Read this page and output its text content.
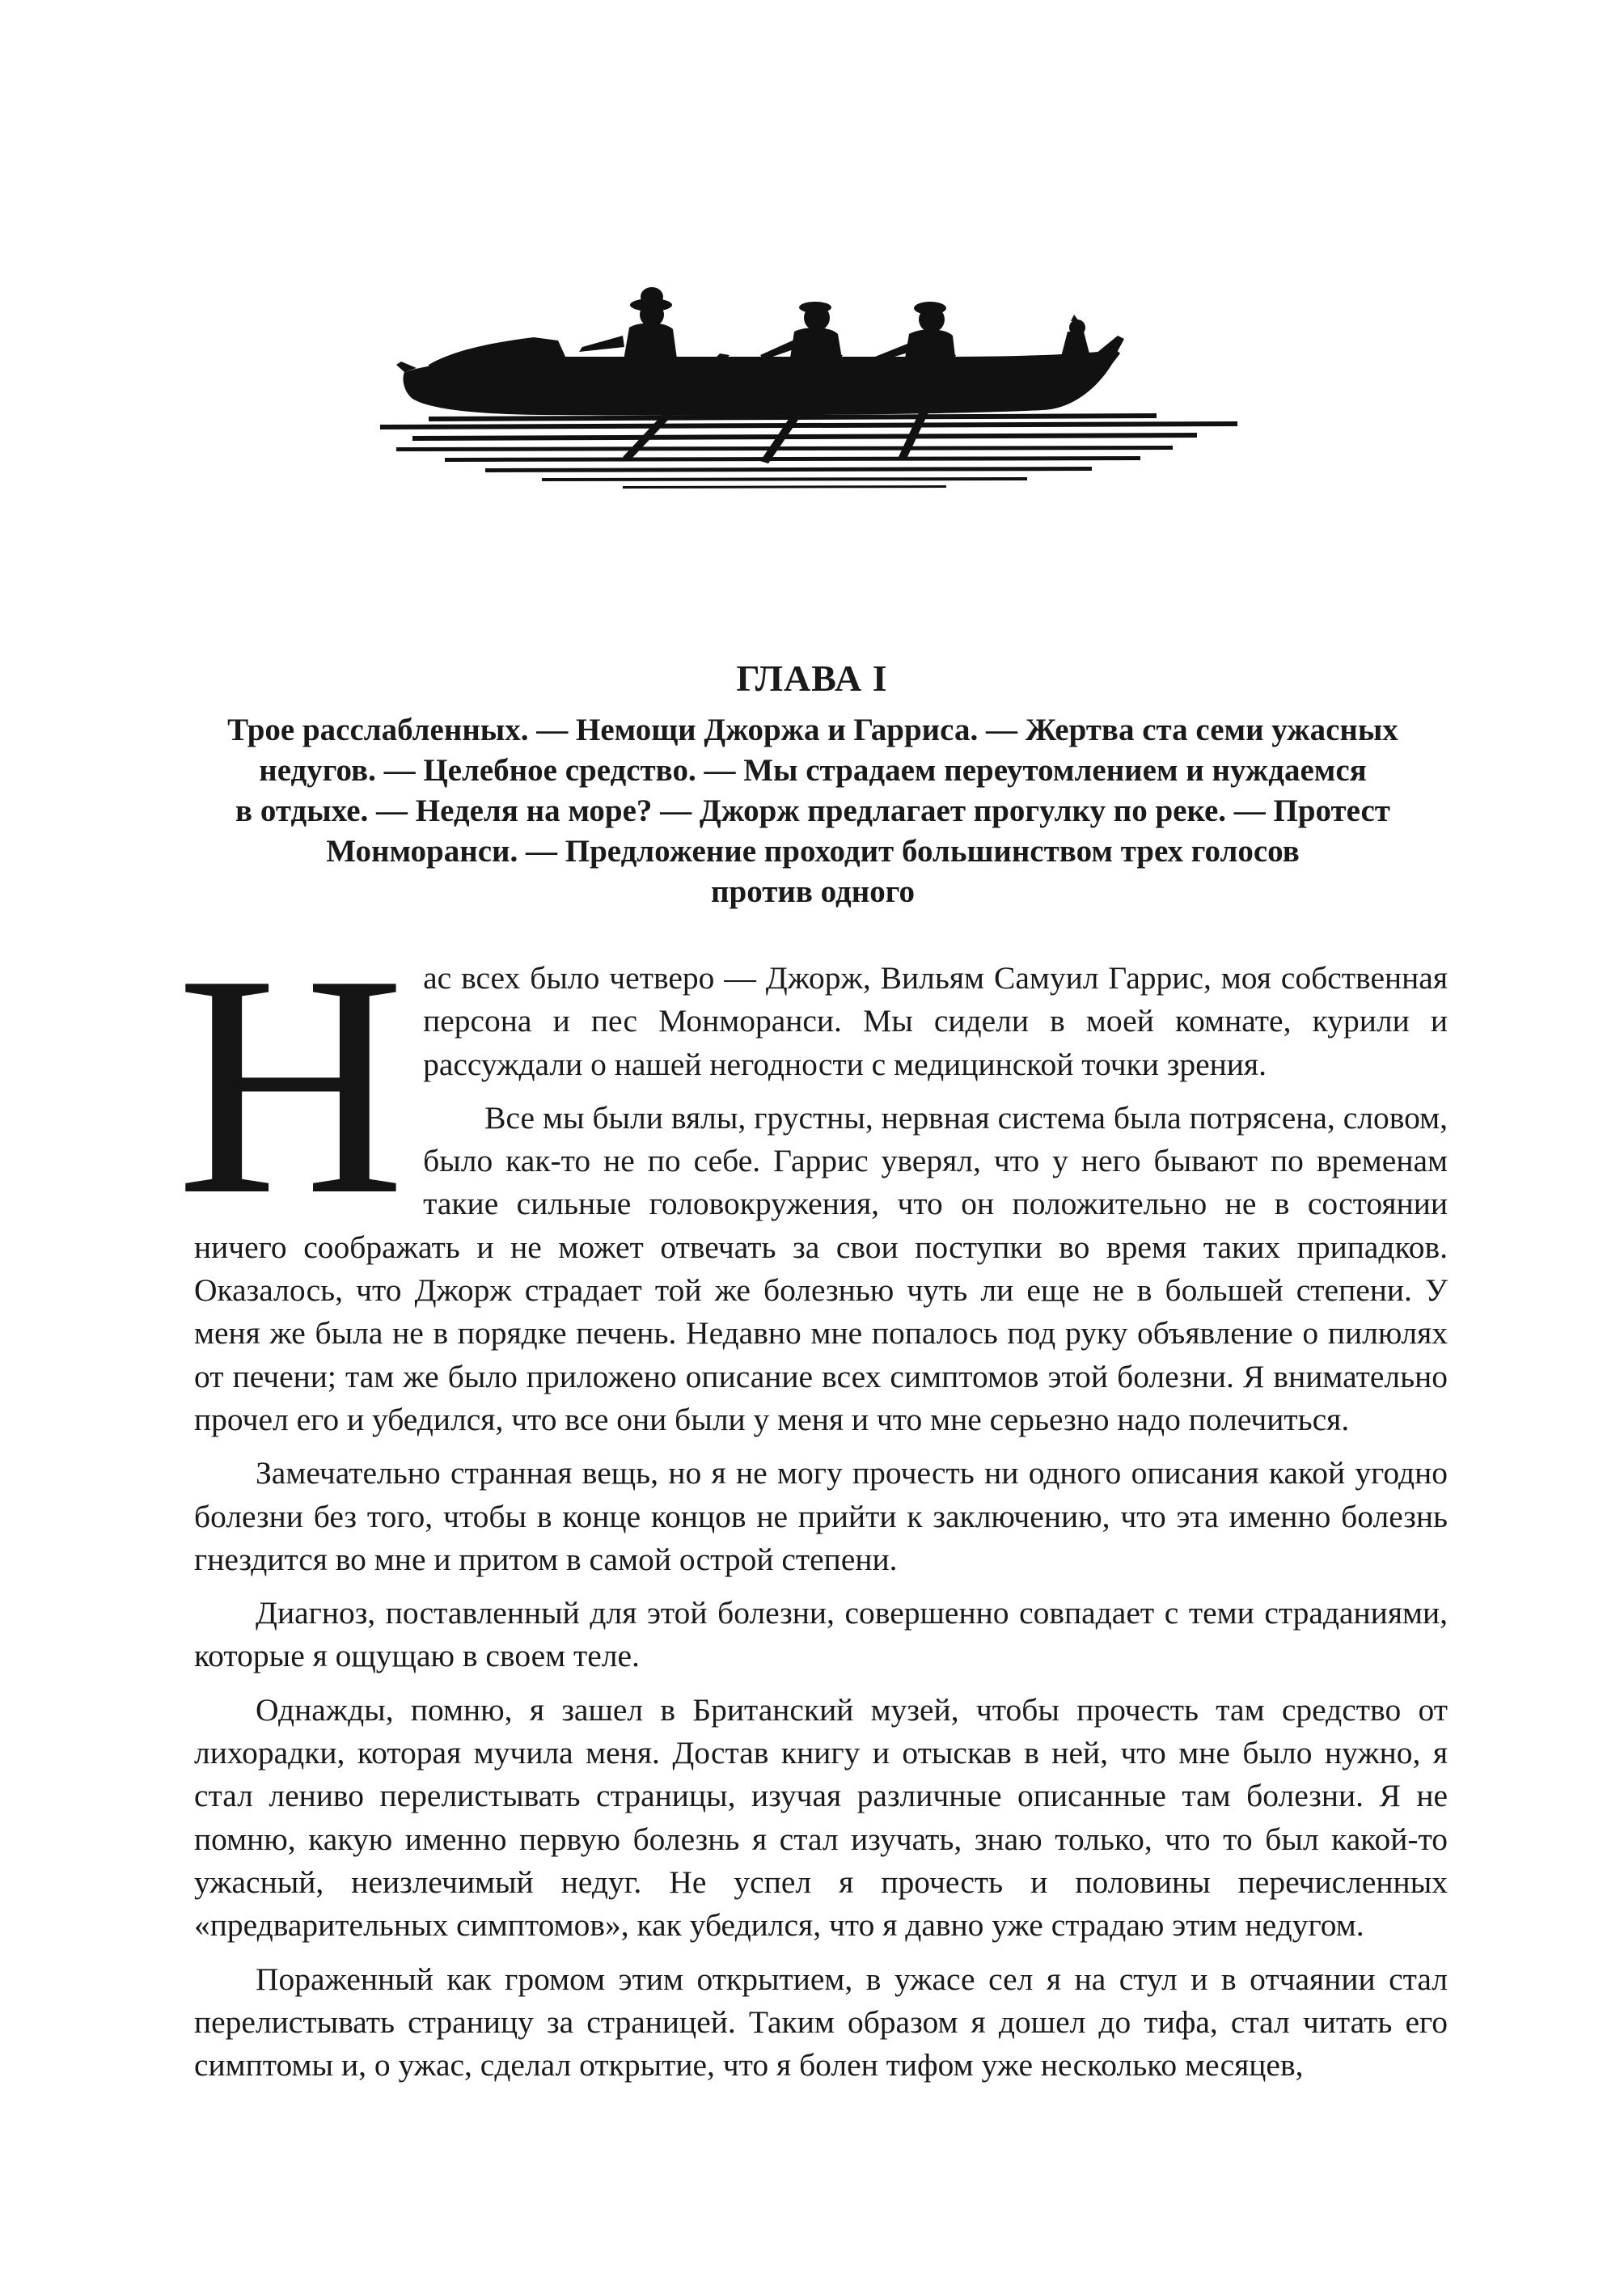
ГЛАВА I
Трое расслабленных. — Немощи Джоржа и Гарриса. — Жертва ста семи ужасных
недугов. — Целебное средство. — Мы страдаем переутомлением и нуждаемся
в отдыхе. — Неделя на море? — Джорж предлагает прогулку по реке. — Протест
Монморанси. — Предложение проходит большинством трех голосов
против одного

Нас всех было четверо — Джорж, Вильям Самуил Гаррис, моя собственная персона и пес Монморанси. Мы сидели в моей комнате, курили и рассуждали о нашей негодности с медицинской точки зрения.

Все мы были вялы, грустны, нервная система была потрясена, словом, было как-то не по себе. Гаррис уверял, что у него бывают по временам такие сильные головокружения, что он положительно не в состоянии ничего соображать и не может отвечать за свои поступки во время таких припадков. Оказалось, что Джорж страдает той же болезнью чуть ли еще не в большей степени. У меня же была не в порядке печень. Недавно мне попалось под руку объявление о пилюлях от печени; там же было приложено описание всех симптомов этой болезни. Я внимательно прочел его и убедился, что все они были у меня и что мне серьезно надо полечиться.

Замечательно странная вещь, но я не могу прочесть ни одного описания какой угодно болезни без того, чтобы в конце концов не прийти к заключению, что эта именно болезнь гнездится во мне и притом в самой острой степени.

Диагноз, поставленный для этой болезни, совершенно совпадает с теми страданиями, которые я ощущаю в своем теле.

Однажды, помню, я зашел в Британский музей, чтобы прочесть там средство от лихорадки, которая мучила меня. Достав книгу и отыскав в ней, что мне было нужно, я стал лениво перелистывать страницы, изучая различные описанные там болезни. Я не помню, какую именно первую болезнь я стал изучать, знаю только, что то был какой-то ужасный, неизлечимый недуг. Не успел я прочесть и половины перечисленных «предварительных симптомов», как убедился, что я давно уже страдаю этим недугом.

Пораженный как громом этим открытием, в ужасе сел я на стул и в отчаянии стал перелистывать страницу за страницей. Таким образом я дошел до тифа, стал читать его симптомы и, о ужас, сделал открытие, что я болен тифом уже несколько месяцев,
